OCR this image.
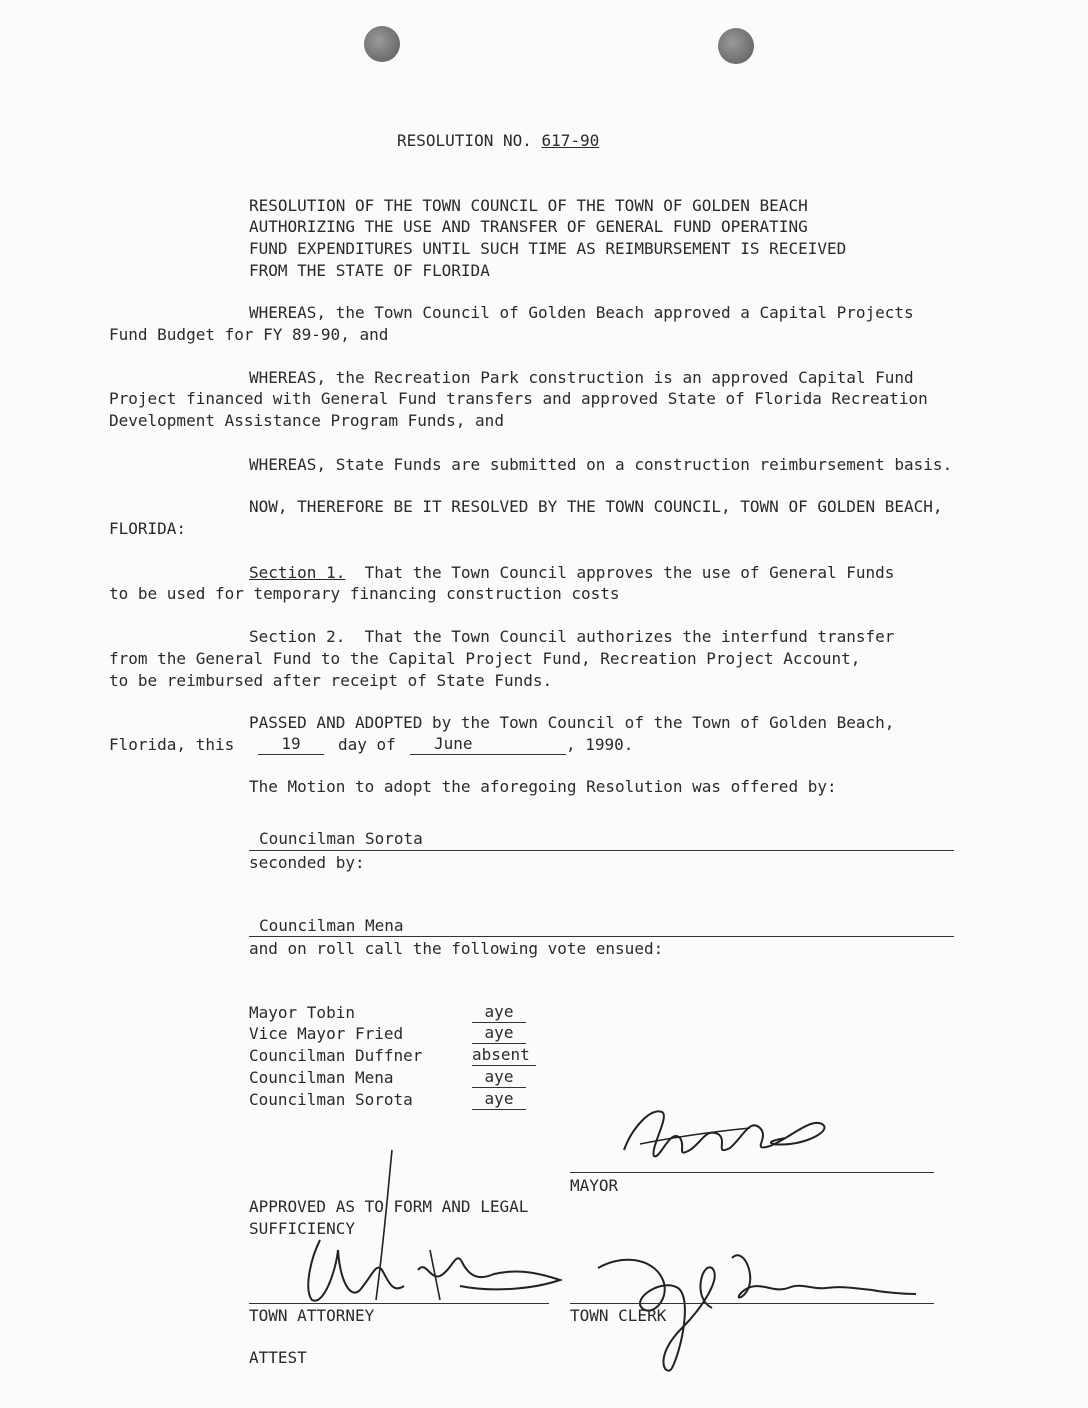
RESOLUTION NO. 617-90
RESOLUTION OF THE TOWN COUNCIL OF THE TOWN OF GOLDEN BEACH
AUTHORIZING THE USE AND TRANSFER OF GENERAL FUND OPERATING
FUND EXPENDITURES UNTIL SUCH TIME AS REIMBURSEMENT IS RECEIVED
FROM THE STATE OF FLORIDA
WHEREAS, the Town Council of Golden Beach approved a Capital Projects
Fund Budget for FY 89-90, and
WHEREAS, the Recreation Park construction is an approved Capital Fund
Project financed with General Fund transfers and approved State of Florida Recreation
Development Assistance Program Funds, and
WHEREAS, State Funds are submitted on a construction reimbursement basis.
NOW, THEREFORE BE IT RESOLVED BY THE TOWN COUNCIL, TOWN OF GOLDEN BEACH,
FLORIDA:
Section 1.  That the Town Council approves the use of General Funds
to be used for temporary financing construction costs
Section 2.  That the Town Council authorizes the interfund transfer
from the General Fund to the Capital Project Fund, Recreation Project Account,
to be reimbursed after receipt of State Funds.
PASSED AND ADOPTED by the Town Council of the Town of Golden Beach,
Florida, this	19	day of	June	, 1990.
The Motion to adopt the aforegoing Resolution was offered by:
Councilman Sorota
seconded by:
Councilman Mena
and on roll call the following vote ensued:
Mayor Tobin	aye
Vice Mayor Fried	aye
Councilman Duffner	absent
Councilman Mena	aye
Councilman Sorota	aye
MAYOR
APPROVED AS TO FORM AND LEGAL
SUFFICIENCY
TOWN ATTORNEY	TOWN CLERK
ATTEST
